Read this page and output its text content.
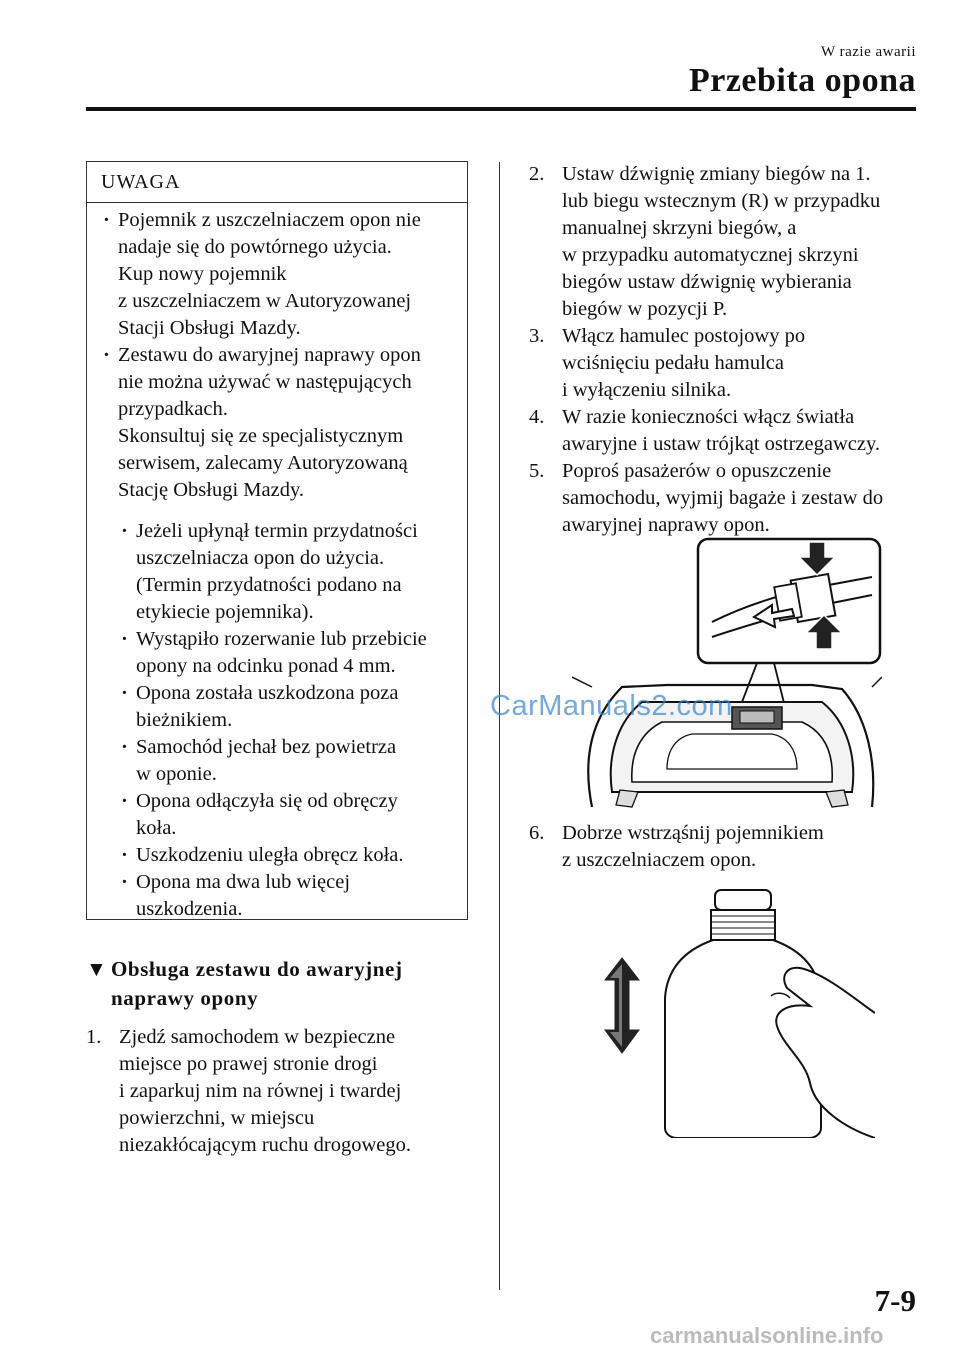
W razie awarii
Przebita opona
UWAGA
· Pojemnik z uszczelniaczem opon nie
nadaje się do powtórnego użycia.
Kup nowy pojemnik
z uszczelniaczem w Autoryzowanej
Stacji Obsługi Mazdy.
· Zestawu do awaryjnej naprawy opon
nie można używać w następujących
przypadkach.
Skonsultuj się ze specjalistycznym
serwisem, zalecamy Autoryzowaną
Stację Obsługi Mazdy.
· Jeżeli upłynął termin przydatności
uszczelniacza opon do użycia.
(Termin przydatności podano na
etykiecie pojemnika).
· Wystąpiło rozerwanie lub przebicie
opony na odcinku ponad 4 mm.
· Opona została uszkodzona poza
bieżnikiem.
· Samochód jechał bez powietrza
w oponie.
· Opona odłączyła się od obręczy
koła.
· Uszkodzeniu uległa obręcz koła.
· Opona ma dwa lub więcej
uszkodzenia.
▼ Obsługa zestawu do awaryjnej
naprawy opony
1. Zjedź samochodem w bezpieczne
miejsce po prawej stronie drogi
i zaparkuj nim na równej i twardej
powierzchni, w miejscu
niezakłócającym ruchu drogowego.
2. Ustaw dźwignię zmiany biegów na 1.
lub biegu wstecznym (R) w przypadku
manualnej skrzyni biegów, a
w przypadku automatycznej skrzyni
biegów ustaw dźwignię wybierania
biegów w pozycji P.
3. Włącz hamulec postojowy po
wciśnięciu pedału hamulca
i wyłączeniu silnika.
4. W razie konieczności włącz światła
awaryjne i ustaw trójkąt ostrzegawczy.
5. Poproś pasażerów o opuszczenie
samochodu, wyjmij bagaże i zestaw do
awaryjnej naprawy opon.
CarManuals2.com
6. Dobrze wstrząśnij pojemnikiem
z uszczelniaczem opon.
7-9
carmanualsonline.info
